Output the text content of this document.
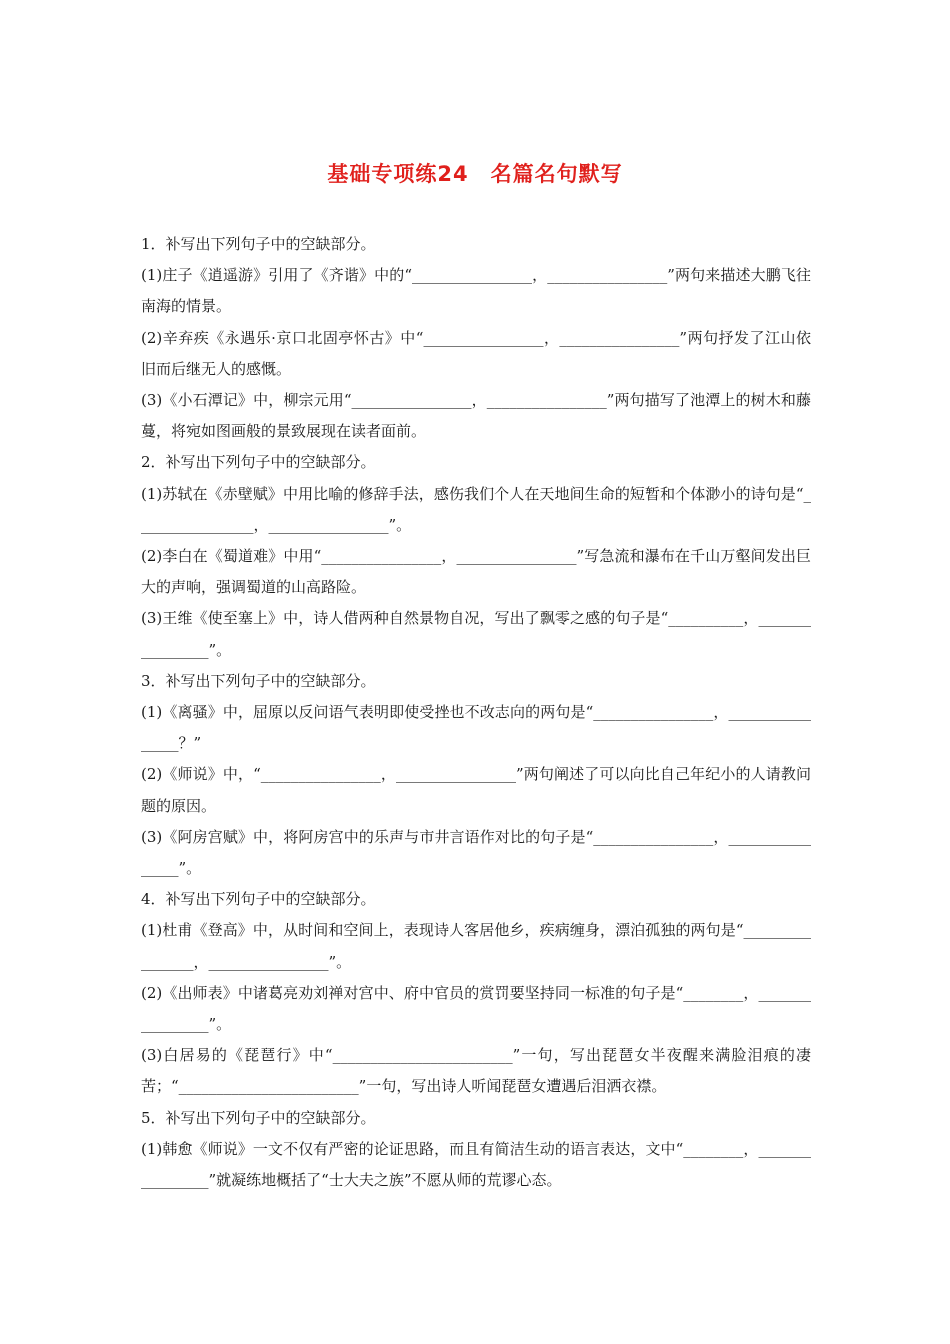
基础专项练24　名篇名句默写

1．补写出下列句子中的空缺部分。

(1)庄子《逍遥游》引用了《齐谐》中的“________________，________________”两句来描述大鹏飞往南海的情景。

(2)辛弃疾《永遇乐·京口北固亭怀古》中“________________，________________”两句抒发了江山依旧而后继无人的感慨。

(3)《小石潭记》中，柳宗元用“________________，________________”两句描写了池潭上的树木和藤蔓，将宛如图画般的景致展现在读者面前。

2．补写出下列句子中的空缺部分。

(1)苏轼在《赤壁赋》中用比喻的修辞手法，感伤我们个人在天地间生命的短暂和个体渺小的诗句是“________________，________________”。

(2)李白在《蜀道难》中用“________________，________________”写急流和瀑布在千山万壑间发出巨大的声响，强调蜀道的山高路险。

(3)王维《使至塞上》中，诗人借两种自然景物自况，写出了飘零之感的句子是“__________，________________”。

3．补写出下列句子中的空缺部分。

(1)《离骚》中，屈原以反问语气表明即使受挫也不改志向的两句是“________________，________________？”

(2)《师说》中，“________________，________________”两句阐述了可以向比自己年纪小的人请教问题的原因。

(3)《阿房宫赋》中，将阿房宫中的乐声与市井言语作对比的句子是“________________，________________”。

4．补写出下列句子中的空缺部分。

(1)杜甫《登高》中，从时间和空间上，表现诗人客居他乡，疾病缠身，漂泊孤独的两句是“________________，________________”。

(2)《出师表》中诸葛亮劝刘禅对宫中、府中官员的赏罚要坚持同一标准的句子是“________，________________”。

(3)白居易的《琵琶行》中“________________________”一句，写出琵琶女半夜醒来满脸泪痕的凄苦；“________________________”一句，写出诗人听闻琵琶女遭遇后泪洒衣襟。

5．补写出下列句子中的空缺部分。

(1)韩愈《师说》一文不仅有严密的论证思路，而且有简洁生动的语言表达，文中“________，________________”就凝练地概括了“士大夫之族”不愿从师的荒谬心态。
